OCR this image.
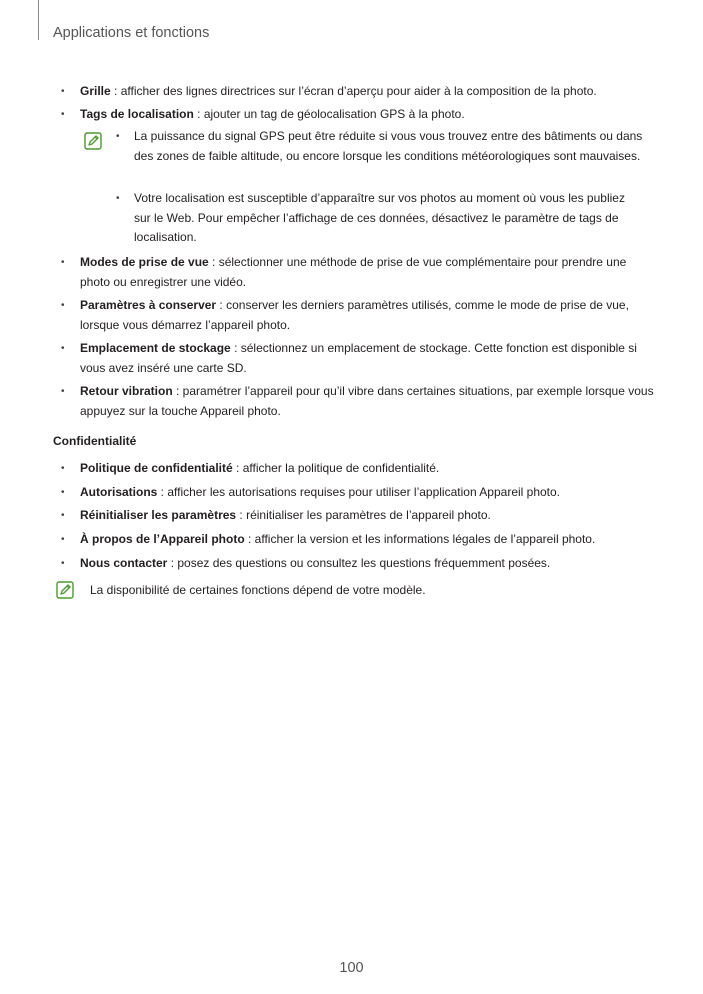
Applications et fonctions
• Grille : afficher des lignes directrices sur l’écran d’aperçu pour aider à la composition de la photo.
• Tags de localisation : ajouter un tag de géolocalisation GPS à la photo.
• La puissance du signal GPS peut être réduite si vous vous trouvez entre des bâtiments ou dans des zones de faible altitude, ou encore lorsque les conditions météorologiques sont mauvaises.
• Votre localisation est susceptible d’apparaître sur vos photos au moment où vous les publiez sur le Web. Pour empêcher l’affichage de ces données, désactivez le paramètre de tags de localisation.
• Modes de prise de vue : sélectionner une méthode de prise de vue complémentaire pour prendre une photo ou enregistrer une vidéo.
• Paramètres à conserver : conserver les derniers paramètres utilisés, comme le mode de prise de vue, lorsque vous démarrez l’appareil photo.
• Emplacement de stockage : sélectionnez un emplacement de stockage. Cette fonction est disponible si vous avez inséré une carte SD.
• Retour vibration : paramétrer l’appareil pour qu’il vibre dans certaines situations, par exemple lorsque vous appuyez sur la touche Appareil photo.
Confidentialité
• Politique de confidentialité : afficher la politique de confidentialité.
• Autorisations : afficher les autorisations requises pour utiliser l’application Appareil photo.
• Réinitialiser les paramètres : réinitialiser les paramètres de l’appareil photo.
• À propos de l’Appareil photo : afficher la version et les informations légales de l’appareil photo.
• Nous contacter : posez des questions ou consultez les questions fréquemment posées.
La disponibilité de certaines fonctions dépend de votre modèle.
100
